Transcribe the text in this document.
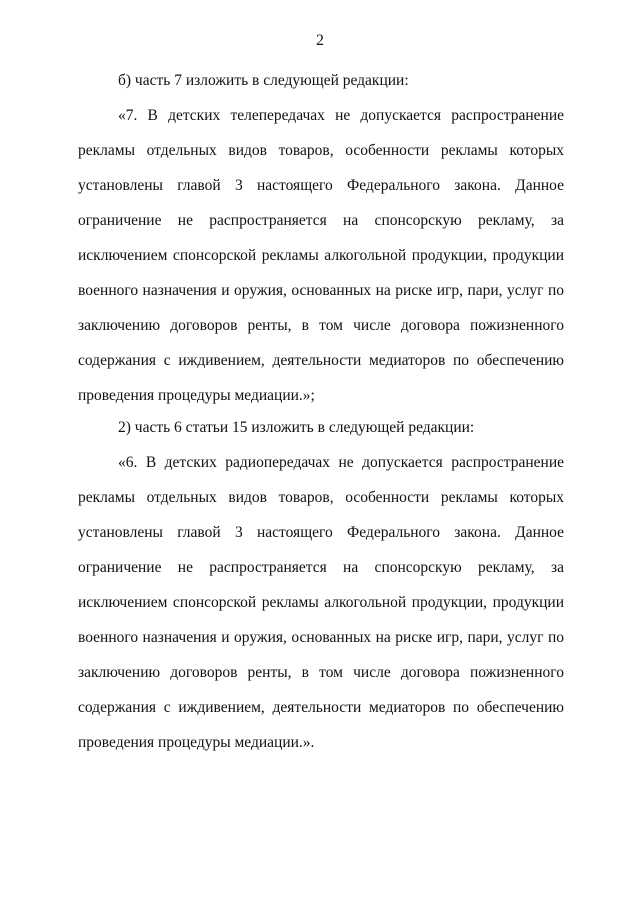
2
б) часть 7 изложить в следующей редакции:
«7. В детских телепередачах не допускается распространение
рекламы отдельных видов товаров, особенности рекламы которых
установлены главой 3 настоящего Федерального закона. Данное
ограничение не распространяется на спонсорскую рекламу, за
исключением спонсорской рекламы алкогольной продукции, продукции
военного назначения и оружия, основанных на риске игр, пари, услуг по
заключению договоров ренты, в том числе договора пожизненного
содержания с иждивением, деятельности медиаторов по обеспечению
проведения процедуры медиации.»;
2) часть 6 статьи 15 изложить в следующей редакции:
«6. В детских радиопередачах не допускается распространение
рекламы отдельных видов товаров, особенности рекламы которых
установлены главой 3 настоящего Федерального закона. Данное
ограничение не распространяется на спонсорскую рекламу, за
исключением спонсорской рекламы алкогольной продукции, продукции
военного назначения и оружия, основанных на риске игр, пари, услуг по
заключению договоров ренты, в том числе договора пожизненного
содержания с иждивением, деятельности медиаторов по обеспечению
проведения процедуры медиации.».
